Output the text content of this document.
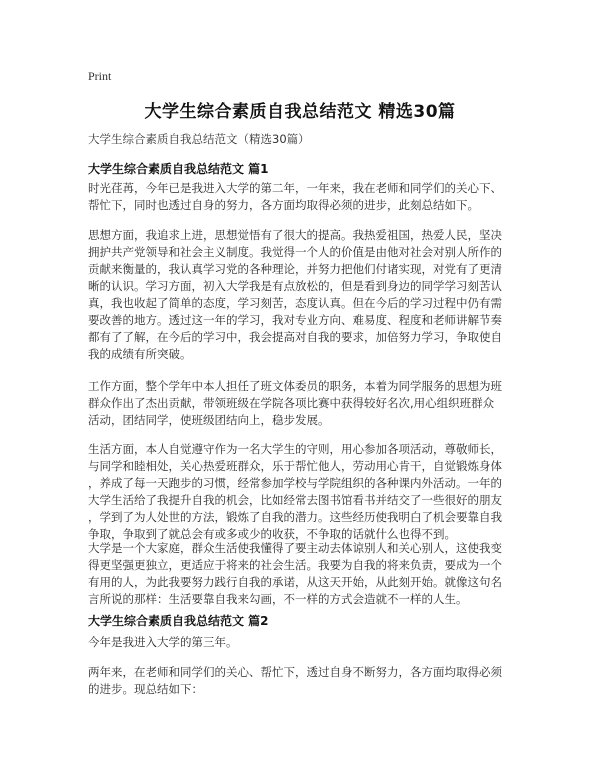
Print
大学生综合素质自我总结范文 精选30篇
大学生综合素质自我总结范文（精选30篇）
大学生综合素质自我总结范文 篇1
时光荏苒，今年已是我进入大学的第二年，一年来，我在老师和同学们的关心下、
帮忙下，同时也透过自身的努力，各方面均取得必须的进步，此刻总结如下。
思想方面，我追求上进，思想觉悟有了很大的提高。我热爱祖国，热爱人民，坚决
拥护共产党领导和社会主义制度。我觉得一个人的价值是由他对社会对别人所作的
贡献来衡量的，我认真学习党的各种理论，并努力把他们付诸实现，对党有了更清
晰的认识。学习方面，初入大学我是有点放松的，但是看到身边的同学学习刻苦认
真，我也收起了简单的态度，学习刻苦，态度认真。但在今后的学习过程中仍有需
要改善的地方。透过这一年的学习，我对专业方向、难易度、程度和老师讲解节奏
都有了了解，在今后的学习中，我会提高对自我的要求，加倍努力学习，争取使自
我的成绩有所突破。
工作方面，整个学年中本人担任了班文体委员的职务，本着为同学服务的思想为班
群众作出了杰出贡献，带领班级在学院各项比赛中获得较好名次,用心组织班群众
活动，团结同学，使班级团结向上，稳步发展。
生活方面，本人自觉遵守作为一名大学生的守则，用心参加各项活动，尊敬师长，
与同学和睦相处，关心热爱班群众，乐于帮忙他人，劳动用心肯干，自觉锻炼身体
，养成了每一天跑步的习惯，经常参加学校与学院组织的各种课内外活动。一年的
大学生活给了我提升自我的机会，比如经常去图书馆看书并结交了一些很好的朋友
，学到了为人处世的方法，锻炼了自我的潜力。这些经历使我明白了机会要靠自我
争取，争取到了就总会有或多或少的收获，不争取的话就什么也得不到。
大学是一个大家庭，群众生活使我懂得了要主动去体谅别人和关心别人，这使我变
得更坚强更独立，更适应于将来的社会生活。我要为自我的将来负责，要成为一个
有用的人，为此我要努力践行自我的承诺，从这天开始，从此刻开始。就像这句名
言所说的那样：生活要靠自我来勾画，不一样的方式会造就不一样的人生。
大学生综合素质自我总结范文 篇2
今年是我进入大学的第三年。
两年来，在老师和同学们的关心、帮忙下，透过自身不断努力，各方面均取得必须
的进步。现总结如下：
